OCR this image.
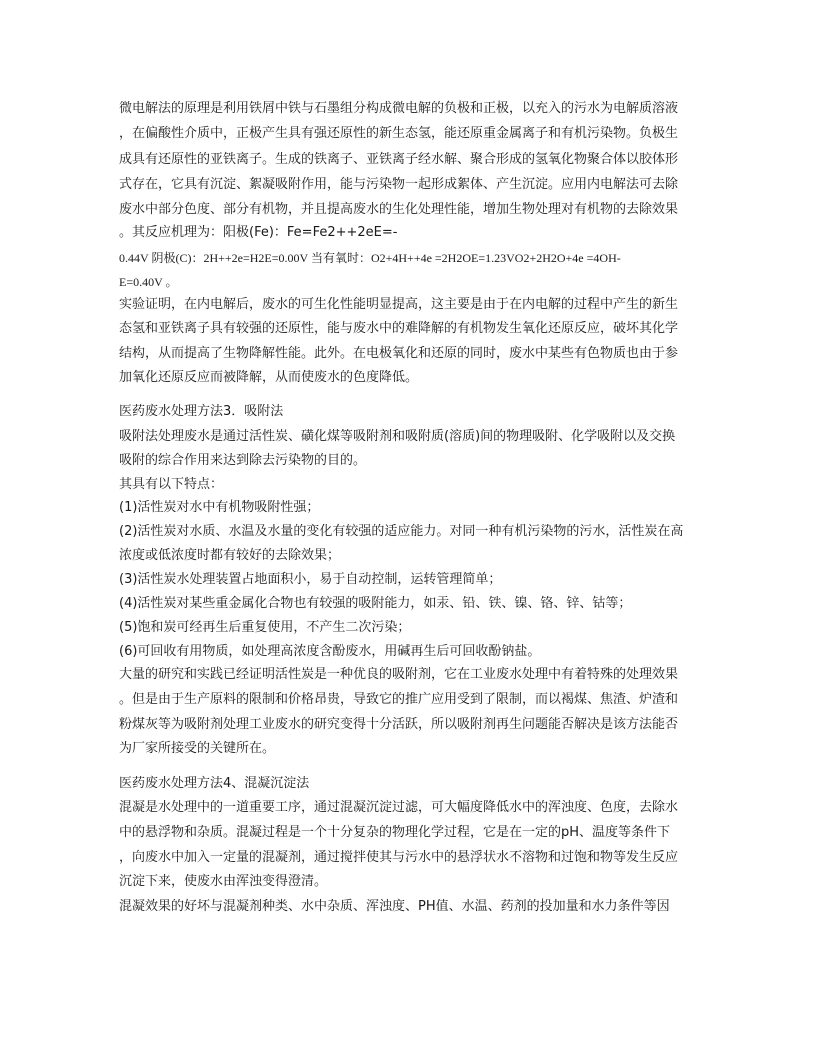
微电解法的原理是利用铁屑中铁与石墨组分构成微电解的负极和正极，以充入的污水为电解质溶液
，在偏酸性介质中，正极产生具有强还原性的新生态氢，能还原重金属离子和有机污染物。负极生
成具有还原性的亚铁离子。生成的铁离子、亚铁离子经水解、聚合形成的氢氧化物聚合体以胶体形
式存在，它具有沉淀、絮凝吸附作用，能与污染物一起形成絮体、产生沉淀。应用内电解法可去除
废水中部分色度、部分有机物，并且提高废水的生化处理性能，增加生物处理对有机物的去除效果
。其反应机理为：阳极(Fe)：Fe=Fe2++2eE=-
0.44V 阴极(C)：2H++2e=H2E=0.00V 当有氧时：O2+4H++4e =2H2OE=1.23VO2+2H2O+4e =4OH-
E=0.40V 。
实验证明，在内电解后，废水的可生化性能明显提高，这主要是由于在内电解的过程中产生的新生
态氢和亚铁离子具有较强的还原性，能与废水中的难降解的有机物发生氧化还原反应，破坏其化学
结构，从而提高了生物降解性能。此外。在电极氧化和还原的同时，废水中某些有色物质也由于参
加氧化还原反应而被降解，从而使废水的色度降低。
医药废水处理方法3．吸附法
吸附法处理废水是通过活性炭、磺化煤等吸附剂和吸附质(溶质)间的物理吸附、化学吸附以及交换
吸附的综合作用来达到除去污染物的目的。
其具有以下特点：
(1)活性炭对水中有机物吸附性强；
(2)活性炭对水质、水温及水量的变化有较强的适应能力。对同一种有机污染物的污水，活性炭在高
浓度或低浓度时都有较好的去除效果；
(3)活性炭水处理装置占地面积小，易于自动控制，运转管理简单；
(4)活性炭对某些重金属化合物也有较强的吸附能力，如汞、铅、铁、镍、铬、锌、钴等；
(5)饱和炭可经再生后重复使用，不产生二次污染；
(6)可回收有用物质，如处理高浓度含酚废水，用碱再生后可回收酚钠盐。
大量的研究和实践已经证明活性炭是一种优良的吸附剂，它在工业废水处理中有着特殊的处理效果
。但是由于生产原料的限制和价格昂贵，导致它的推广应用受到了限制，而以褐煤、焦渣、炉渣和
粉煤灰等为吸附剂处理工业废水的研究变得十分活跃，所以吸附剂再生问题能否解决是该方法能否
为厂家所接受的关键所在。
医药废水处理方法4、混凝沉淀法
混凝是水处理中的一道重要工序，通过混凝沉淀过滤，可大幅度降低水中的浑浊度、色度，去除水
中的悬浮物和杂质。混凝过程是一个十分复杂的物理化学过程，它是在一定的pH、温度等条件下
，向废水中加入一定量的混凝剂，通过搅拌使其与污水中的悬浮状水不溶物和过饱和物等发生反应
沉淀下来，使废水由浑浊变得澄清。
混凝效果的好坏与混凝剂种类、水中杂质、浑浊度、PH值、水温、药剂的投加量和水力条件等因
